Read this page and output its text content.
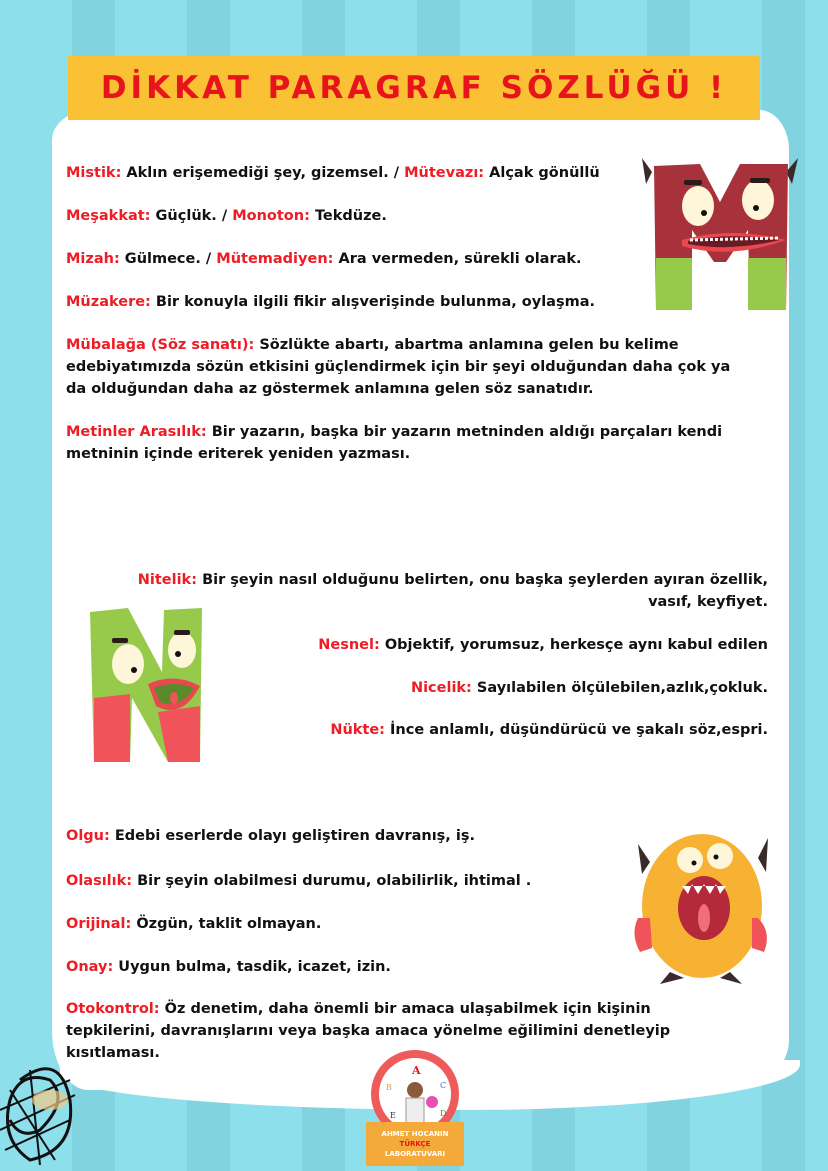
DİKKAT PARAGRAF SÖZLÜĞÜ !
Mistik: Aklın erişemediği şey, gizemsel. / Mütevazı: Alçak gönüllü
Meşakkat: Güçlük. / Monoton: Tekdüze.
Mizah: Gülmece. / Mütemadiyen: Ara vermeden, sürekli olarak.
Müzakere: Bir konuyla ilgili fikir alışverişinde bulunma, oylaşma.
Mübalağa (Söz sanatı): Sözlükte abartı, abartma anlamına gelen bu kelime edebiyatımızda sözün etkisini güçlendirmek için bir şeyi olduğundan daha çok ya da olduğundan daha az göstermek anlamına gelen söz sanatıdır.
Metinler Arasılık: Bir yazarın, başka bir yazarın metninden aldığı parçaları kendi metninin içinde eriterek yeniden yazması.
Nitelik: Bir şeyin nasıl olduğunu belirten, onu başka şeylerden ayıran özellik, vasıf, keyfiyet.
Nesnel: Objektif, yorumsuz, herkesçe aynı kabul edilen
Nicelik: Sayılabilen ölçülebilen,azlık,çokluk.
Nükte: İnce anlamlı, düşündürücü ve şakalı söz,espri.
Olgu: Edebi eserlerde olayı geliştiren davranış, iş.
Olasılık: Bir şeyin olabilmesi durumu, olabilirlik, ihtimal .
Orijinal: Özgün, taklit olmayan.
Onay: Uygun bulma, tasdik, icazet, izin.
Otokontrol: Öz denetim, daha önemli bir amaca ulaşabilmek için kişinin tepkilerini, davranışlarını veya başka amaca yönelme eğilimini denetleyip kısıtlaması.
A
B	C
D
E
AHMET HOCANIN
TÜRKÇE
LABORATUVARI
